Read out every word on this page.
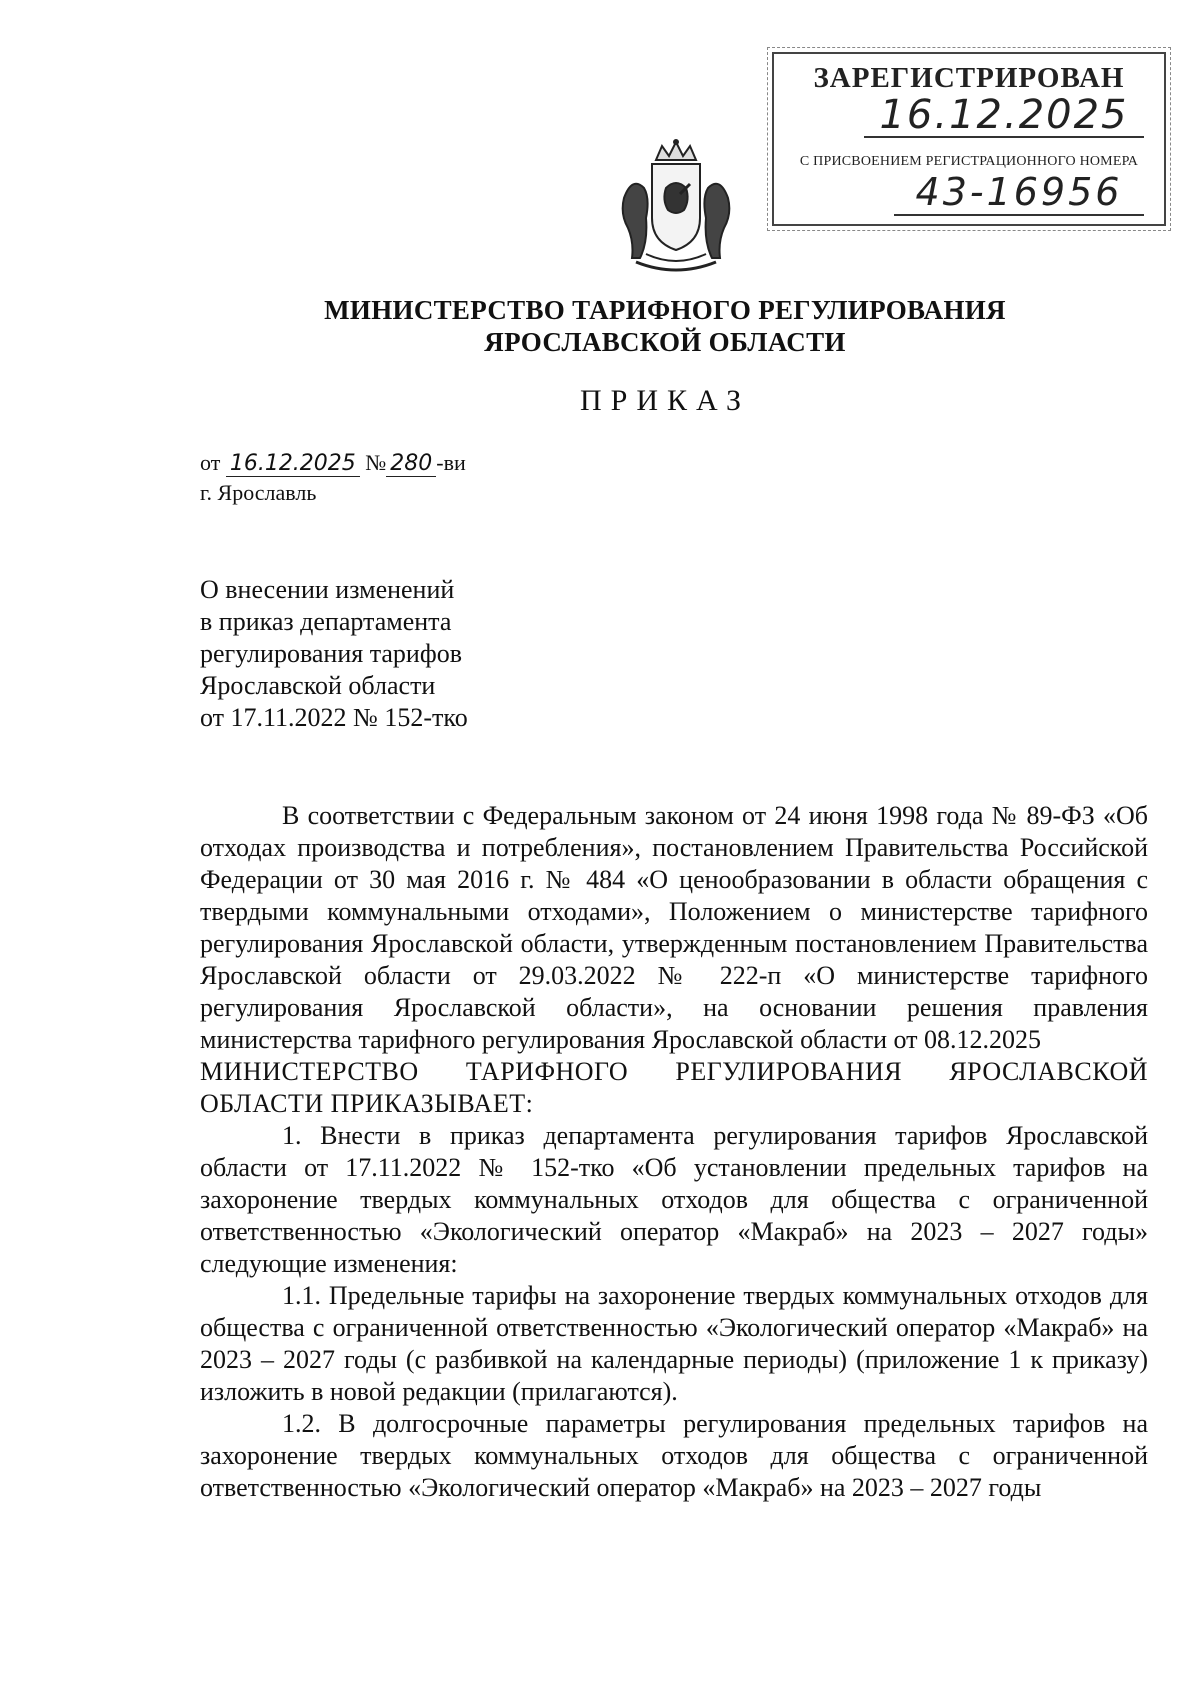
ЗАРЕГИСТРИРОВАН
16.12.2025
С ПРИСВОЕНИЕМ РЕГИСТРАЦИОННОГО НОМЕРА
43-16956
МИНИСТЕРСТВО ТАРИФНОГО РЕГУЛИРОВАНИЯ
ЯРОСЛАВСКОЙ ОБЛАСТИ
ПРИКАЗ
от 16.12.2025 № 280 -ви
г. Ярославль
О внесении изменений
в приказ департамента
регулирования тарифов
Ярославской области
от 17.11.2022 № 152-тко

В соответствии с Федеральным законом от 24 июня 1998 года № 89-ФЗ «Об отходах производства и потребления», постановлением Правительства Российской Федерации от 30 мая 2016 г. № 484 «О ценообразовании в области обращения с твердыми коммунальными отходами», Положением о министерстве тарифного регулирования Ярославской области, утвержденным постановлением Правительства Ярославской области от 29.03.2022 № 222-п «О министерстве тарифного регулирования Ярославской области», на основании решения правления министерства тарифного регулирования Ярославской области от 08.12.2025

МИНИСТЕРСТВО ТАРИФНОГО РЕГУЛИРОВАНИЯ ЯРОСЛАВСКОЙ ОБЛАСТИ ПРИКАЗЫВАЕТ:

1. Внести в приказ департамента регулирования тарифов Ярославской области от 17.11.2022 № 152-тко «Об установлении предельных тарифов на захоронение твердых коммунальных отходов для общества с ограниченной ответственностью «Экологический оператор «Макраб» на 2023 – 2027 годы» следующие изменения:

1.1. Предельные тарифы на захоронение твердых коммунальных отходов для общества с ограниченной ответственностью «Экологический оператор «Макраб» на 2023 – 2027 годы (с разбивкой на календарные периоды) (приложение 1 к приказу) изложить в новой редакции (прилагаются).

1.2. В долгосрочные параметры регулирования предельных тарифов на захоронение твердых коммунальных отходов для общества с ограниченной ответственностью «Экологический оператор «Макраб» на 2023 – 2027 годы
